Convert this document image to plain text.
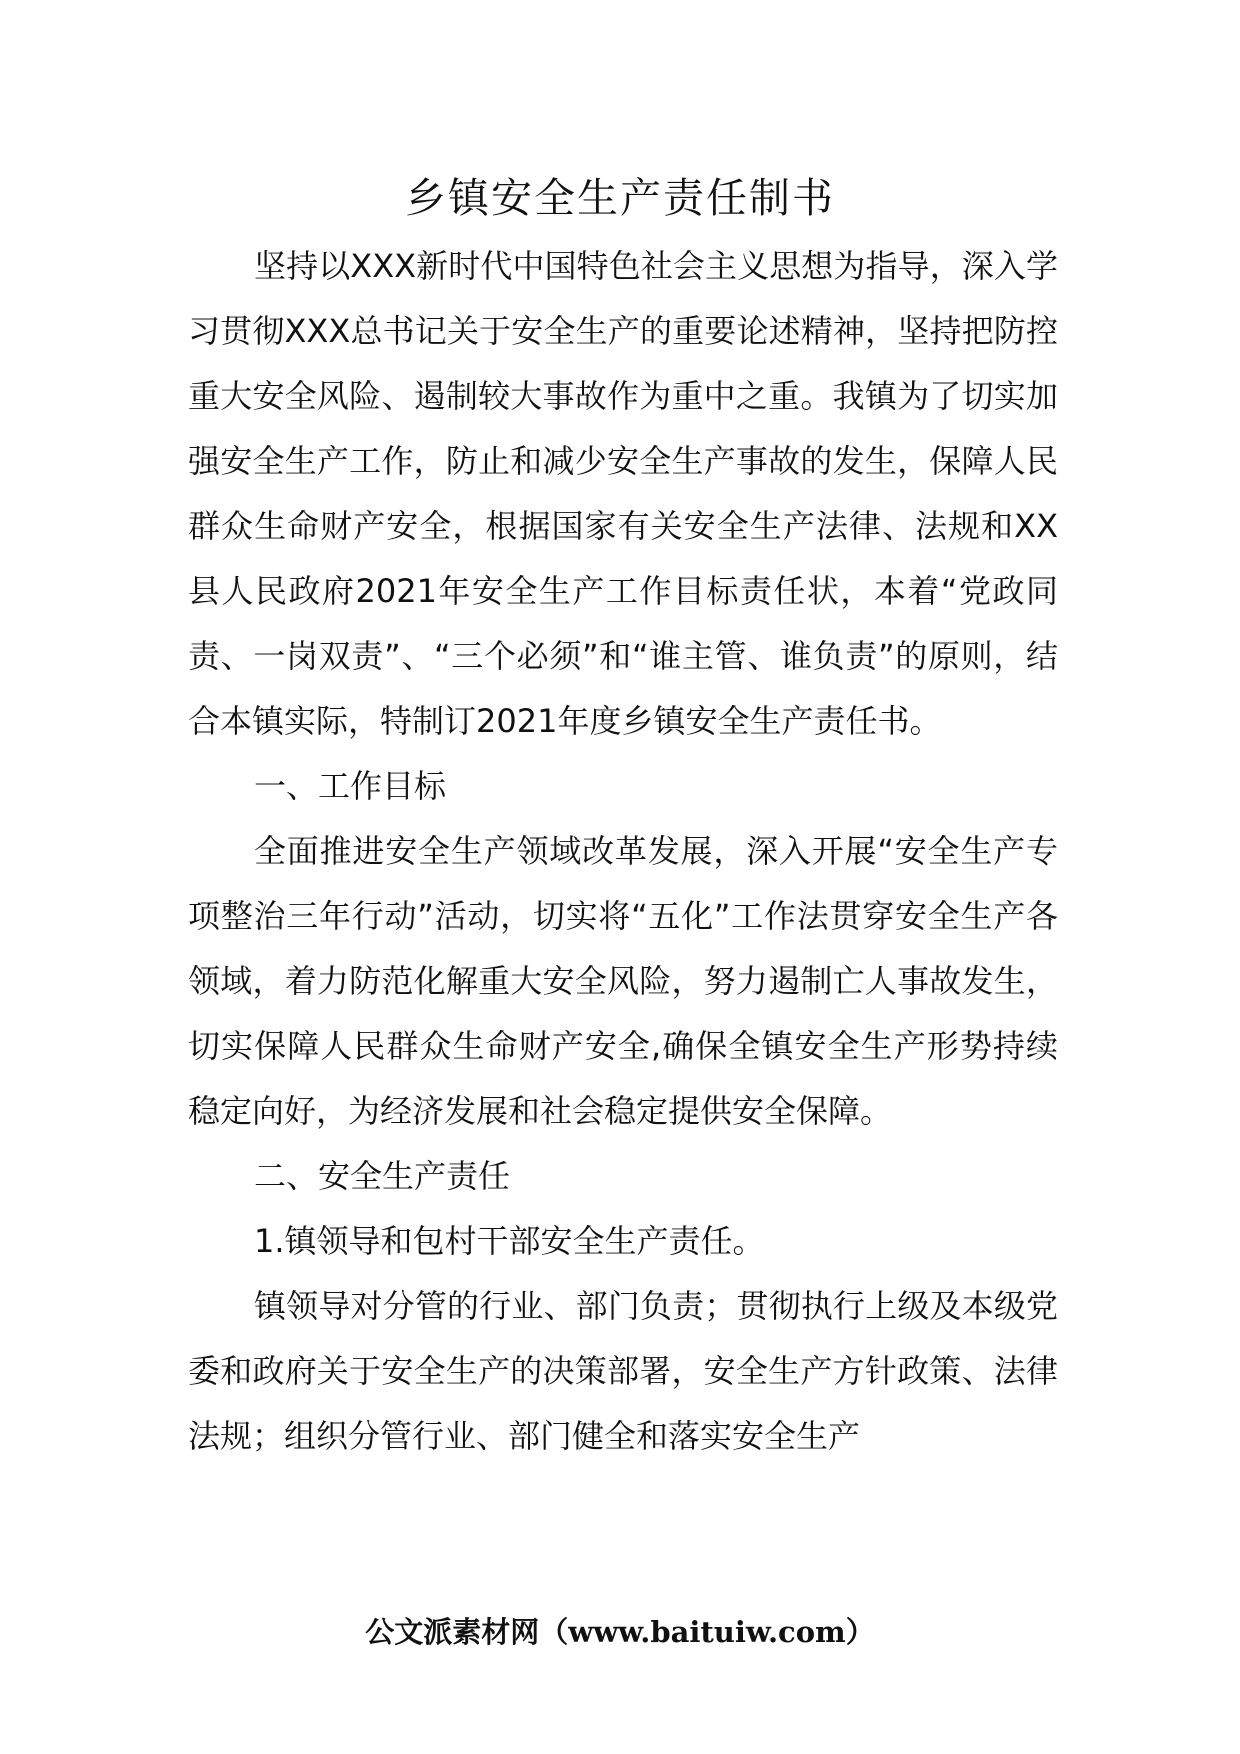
乡镇安全生产责任制书

坚持以XXX新时代中国特色社会主义思想为指导，深入学习贯彻XXX总书记关于安全生产的重要论述精神，坚持把防控重大安全风险、遏制较大事故作为重中之重。我镇为了切实加强安全生产工作，防止和减少安全生产事故的发生，保障人民群众生命财产安全，根据国家有关安全生产法律、法规和XX县人民政府2021年安全生产工作目标责任状，本着“党政同责、一岗双责”、“三个必须”和“谁主管、谁负责”的原则，结合本镇实际，特制订2021年度乡镇安全生产责任书。

一、工作目标

全面推进安全生产领域改革发展，深入开展“安全生产专项整治三年行动”活动，切实将“五化”工作法贯穿安全生产各领域，着力防范化解重大安全风险，努力遏制亡人事故发生，切实保障人民群众生命财产安全,确保全镇安全生产形势持续稳定向好，为经济发展和社会稳定提供安全保障。

二、安全生产责任

1.镇领导和包村干部安全生产责任。

镇领导对分管的行业、部门负责；贯彻执行上级及本级党委和政府关于安全生产的决策部署，安全生产方针政策、法律法规；组织分管行业、部门健全和落实安全生产

公文派素材网（www.baituiw.com）
